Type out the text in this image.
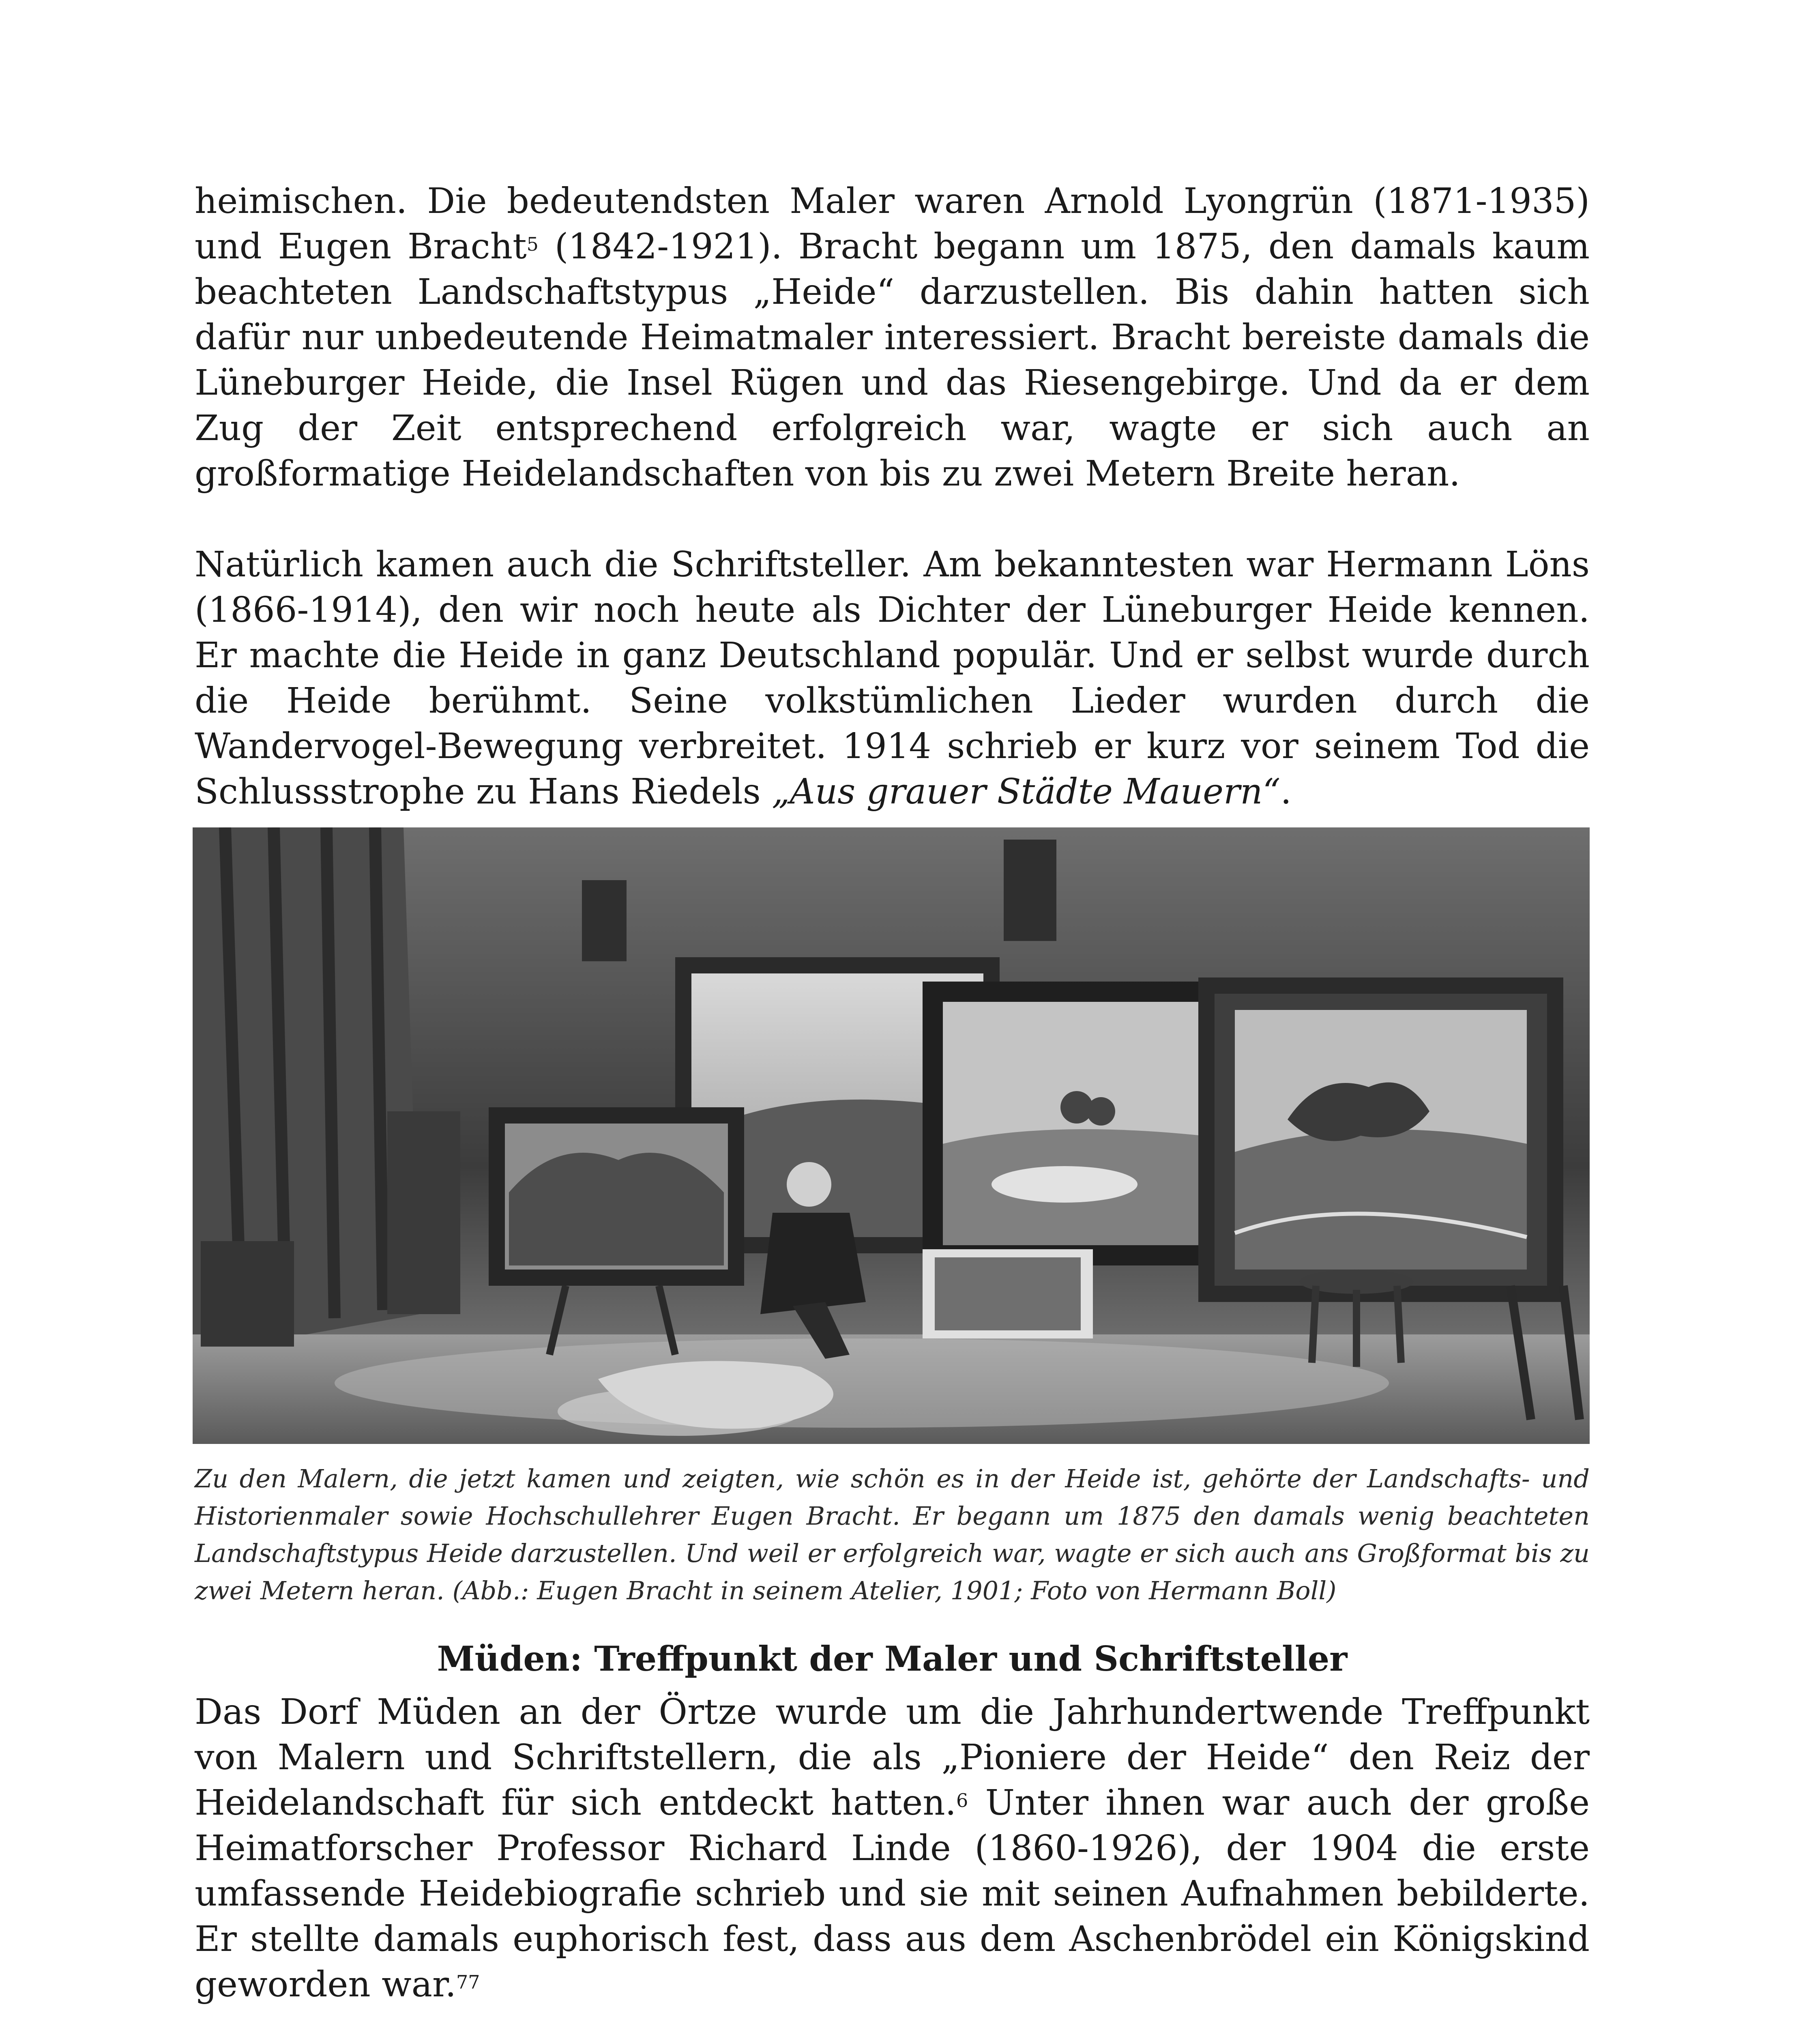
heimischen. Die bedeutendsten Maler waren Arnold Lyongrün (1871-1935) und Eugen Bracht$^5$ (1842-1921). Bracht begann um 1875, den damals kaum beachteten Landschaftstypus „Heide“ darzustellen. Bis dahin hatten sich dafür nur unbedeutende Heimatmaler interessiert. Bracht bereiste damals die Lüneburger Heide, die Insel Rügen und das Riesengebirge. Und da er dem Zug der Zeit entsprechend erfolgreich war, wagte er sich auch an großformatige Heidelandschaften von bis zu zwei Metern Breite heran.

Natürlich kamen auch die Schriftsteller. Am bekanntesten war Hermann Löns (1866-1914), den wir noch heute als Dichter der Lüneburger Heide kennen. Er machte die Heide in ganz Deutschland populär. Und er selbst wurde durch die Heide berühmt. Seine volkstümlichen Lieder wurden durch die Wandervogel-Bewegung verbreitet. 1914 schrieb er kurz vor seinem Tod die Schlussstrophe zu Hans Riedels „Aus grauer Städte Mauern“.

Zu den Malern, die jetzt kamen und zeigten, wie schön es in der Heide ist, gehörte der Landschafts- und Historienmaler sowie Hochschullehrer Eugen Bracht. Er begann um 1875 den damals wenig beachteten Landschaftstypus Heide darzustellen. Und weil er erfolgreich war, wagte er sich auch ans Großformat bis zu zwei Metern heran. (Abb.: Eugen Bracht in seinem Atelier, 1901; Foto von Hermann Boll)

Müden: Treffpunkt der Maler und Schriftsteller

Das Dorf Müden an der Örtze wurde um die Jahrhundertwende Treffpunkt von Malern und Schriftstellern, die als „Pioniere der Heide“ den Reiz der Heidelandschaft für sich entdeckt hatten.$^6$ Unter ihnen war auch der große Heimatforscher Professor Richard Linde (1860-1926), der 1904 die erste umfassende Heidebiografie schrieb und sie mit seinen Aufnahmen bebilderte. Er stellte damals euphorisch fest, dass aus dem Aschenbrödel ein Königskind geworden war.$^{77}$
